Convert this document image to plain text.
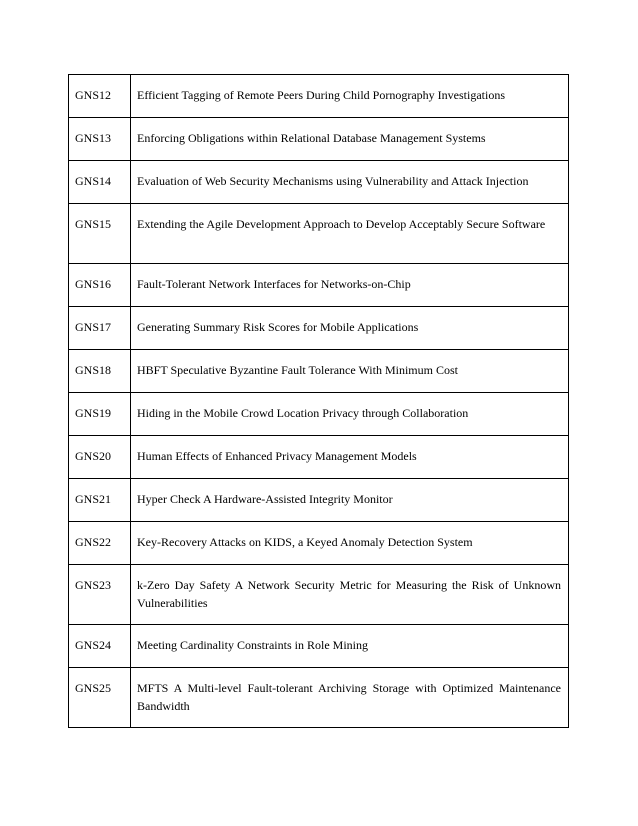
GNS12	Efficient Tagging of Remote Peers During Child Pornography Investigations
GNS13	Enforcing Obligations within Relational Database Management Systems
GNS14	Evaluation of Web Security Mechanisms using Vulnerability and Attack Injection
GNS15	Extending the Agile Development Approach to Develop Acceptably Secure Software
GNS16	Fault-Tolerant Network Interfaces for Networks-on-Chip
GNS17	Generating Summary Risk Scores for Mobile Applications
GNS18	HBFT Speculative Byzantine Fault Tolerance With Minimum Cost
GNS19	Hiding in the Mobile Crowd Location Privacy through Collaboration
GNS20	Human Effects of Enhanced Privacy Management Models
GNS21	Hyper Check A Hardware-Assisted Integrity Monitor
GNS22	Key-Recovery Attacks on KIDS, a Keyed Anomaly Detection System
GNS23	k-Zero Day Safety A Network Security Metric for Measuring the Risk of Unknown Vulnerabilities
GNS24	Meeting Cardinality Constraints in Role Mining
GNS25	MFTS A Multi-level Fault-tolerant Archiving Storage with Optimized Maintenance Bandwidth
